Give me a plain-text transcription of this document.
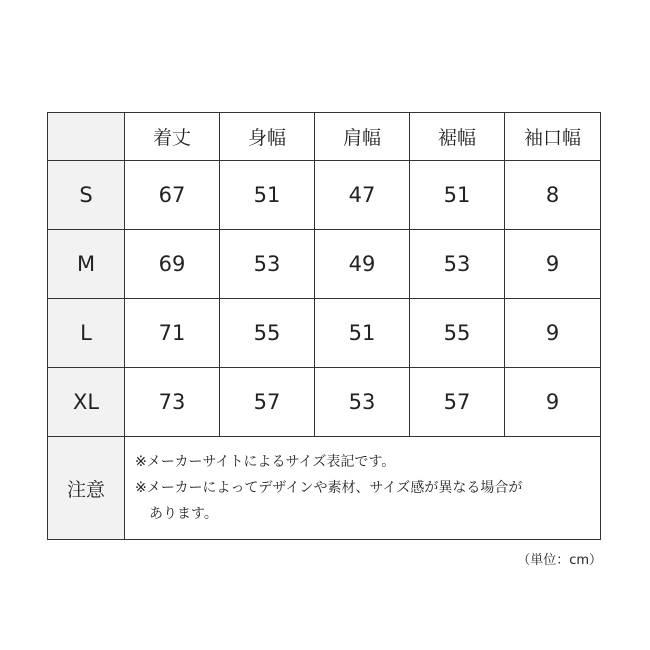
	着丈	身幅	肩幅	裾幅	袖口幅
S	67	51	47	51	8
M	69	53	49	53	9
L	71	55	51	55	9
XL	73	57	53	57	9
注意	※メーカーサイトによるサイズ表記です。
※メーカーによってデザインや素材、サイズ感が異なる場合が
あります。				
（単位：cm）
